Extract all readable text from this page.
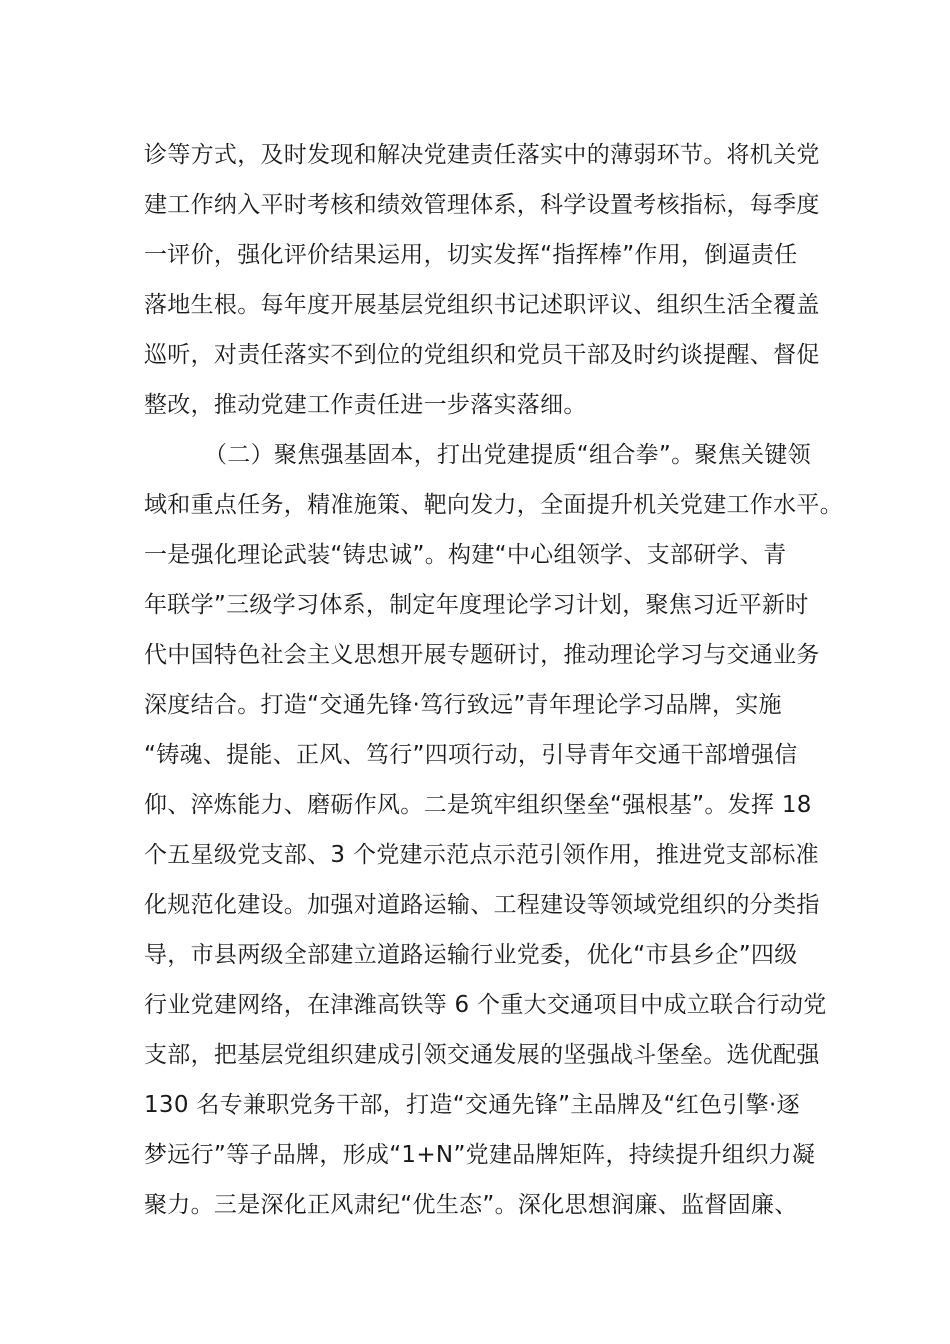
诊等方式，及时发现和解决党建责任落实中的薄弱环节。将机关党
建工作纳入平时考核和绩效管理体系，科学设置考核指标，每季度
一评价，强化评价结果运用，切实发挥“指挥棒”作用，倒逼责任
落地生根。每年度开展基层党组织书记述职评议、组织生活全覆盖
巡听，对责任落实不到位的党组织和党员干部及时约谈提醒、督促
整改，推动党建工作责任进一步落实落细。
（二）聚焦强基固本，打出党建提质“组合拳”。聚焦关键领
域和重点任务，精准施策、靶向发力，全面提升机关党建工作水平。
一是强化理论武装“铸忠诚”。构建“中心组领学、支部研学、青
年联学”三级学习体系，制定年度理论学习计划，聚焦习近平新时
代中国特色社会主义思想开展专题研讨，推动理论学习与交通业务
深度结合。打造“交通先锋·笃行致远”青年理论学习品牌，实施
“铸魂、提能、正风、笃行”四项行动，引导青年交通干部增强信
仰、淬炼能力、磨砺作风。二是筑牢组织堡垒“强根基”。发挥 18
个五星级党支部、3 个党建示范点示范引领作用，推进党支部标准
化规范化建设。加强对道路运输、工程建设等领域党组织的分类指
导，市县两级全部建立道路运输行业党委，优化“市县乡企”四级
行业党建网络，在津潍高铁等 6 个重大交通项目中成立联合行动党
支部，把基层党组织建成引领交通发展的坚强战斗堡垒。选优配强
130 名专兼职党务干部，打造“交通先锋”主品牌及“红色引擎·逐
梦远行”等子品牌，形成“1+N”党建品牌矩阵，持续提升组织力凝
聚力。三是深化正风肃纪“优生态”。深化思想润廉、监督固廉、
